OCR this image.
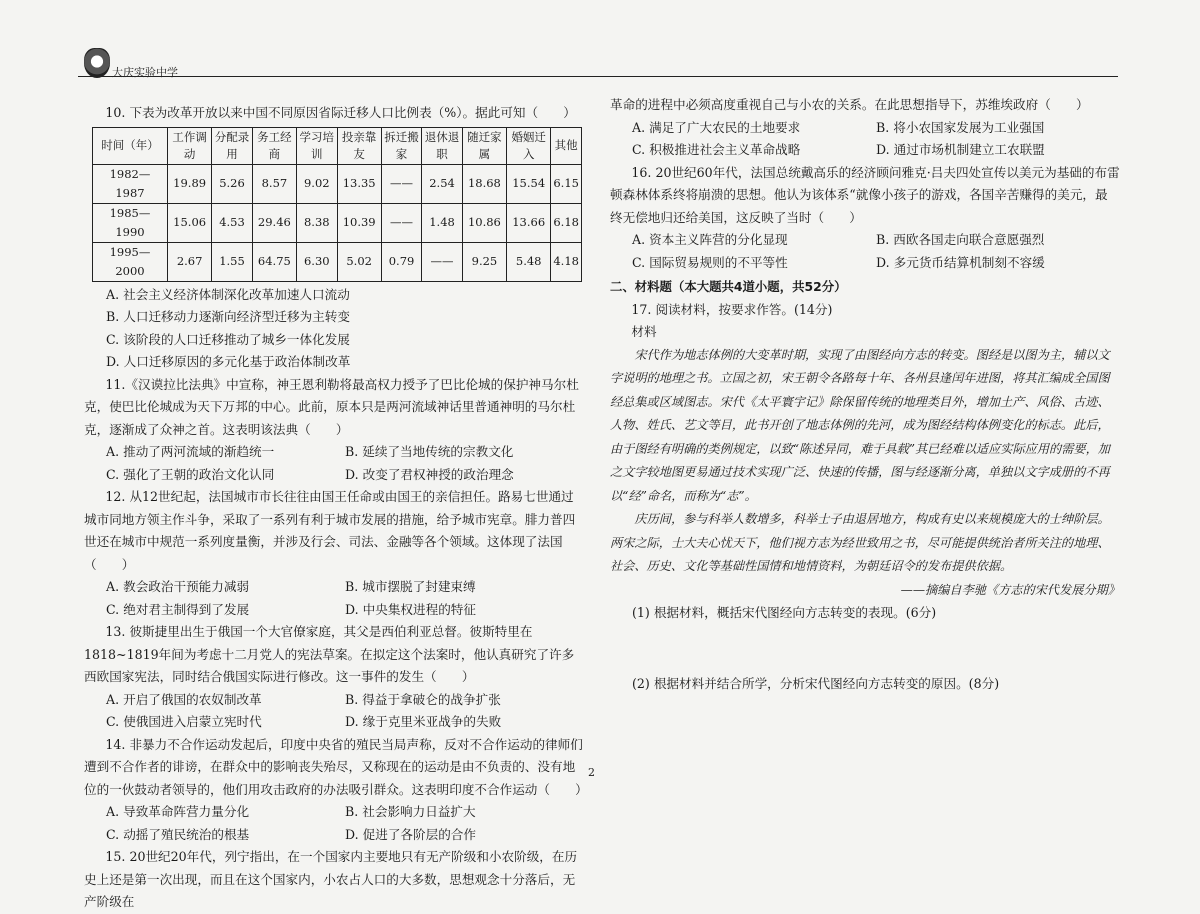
大庆实验中学

10. 下表为改革开放以来中国不同原因省际迁移人口比例表（%）。据此可知（　　）

时间（年）	工作调动	分配录用	务工经商	学习培训	投亲靠友	拆迁搬家	退休退职	随迁家属	婚姻迁入	其他
1982—1987	19.89	5.26	8.57	9.02	13.35	——	2.54	18.68	15.54	6.15
1985—1990	15.06	4.53	29.46	8.38	10.39	——	1.48	10.86	13.66	6.18
1995—2000	2.67	1.55	64.75	6.30	5.02	0.79	——	9.25	5.48	4.18
A. 社会主义经济体制深化改革加速人口流动
B. 人口迁移动力逐渐向经济型迁移为主转变
C. 该阶段的人口迁移推动了城乡一体化发展
D. 人口迁移原因的多元化基于政治体制改革

11.《汉谟拉比法典》中宣称，神王恩利勒将最高权力授予了巴比伦城的保护神马尔杜克，使巴比伦城成为天下万邦的中心。此前，原本只是两河流域神话里普通神明的马尔杜克，逐渐成了众神之首。这表明该法典（　　）

A. 推动了两河流域的渐趋统一	B. 延续了当地传统的宗教文化
C. 强化了王朝的政治文化认同	D. 改变了君权神授的政治理念

12. 从12世纪起，法国城市市长往往由国王任命或由国王的亲信担任。路易七世通过城市同地方领主作斗争，采取了一系列有利于城市发展的措施，给予城市宪章。腓力普四世还在城市中规范一系列度量衡，并涉及行会、司法、金融等各个领域。这体现了法国（　　）

A. 教会政治干预能力减弱	B. 城市摆脱了封建束缚
C. 绝对君主制得到了发展	D. 中央集权进程的特征

13. 彼斯捷里出生于俄国一个大官僚家庭，其父是西伯利亚总督。彼斯特里在1818~1819年间为考虑十二月党人的宪法草案。在拟定这个法案时，他认真研究了许多西欧国家宪法，同时结合俄国实际进行修改。这一事件的发生（　　）

A. 开启了俄国的农奴制改革	B. 得益于拿破仑的战争扩张
C. 使俄国进入启蒙立宪时代	D. 缘于克里米亚战争的失败

14. 非暴力不合作运动发起后，印度中央省的殖民当局声称，反对不合作运动的律师们遭到不合作者的诽谤，在群众中的影响丧失殆尽，又称现在的运动是由不负责的、没有地位的一伙鼓动者领导的，他们用攻击政府的办法吸引群众。这表明印度不合作运动（　　）

A. 导致革命阵营力量分化	B. 社会影响力日益扩大
C. 动摇了殖民统治的根基	D. 促进了各阶层的合作

15. 20世纪20年代，列宁指出，在一个国家内主要地只有无产阶级和小农阶级，在历史上还是第一次出现，而且在这个国家内，小农占人口的大多数，思想观念十分落后，无产阶级在

革命的进程中必须高度重视自己与小农的关系。在此思想指导下，苏维埃政府（　　）

A. 满足了广大农民的土地要求	B. 将小农国家发展为工业强国
C. 积极推进社会主义革命战略	D. 通过市场机制建立工农联盟

16. 20世纪60年代，法国总统戴高乐的经济顾问雅克·吕夫四处宣传以美元为基础的布雷顿森林体系终将崩溃的思想。他认为该体系“就像小孩子的游戏，各国辛苦赚得的美元，最终无偿地归还给美国，这反映了当时（　　）

A. 资本主义阵营的分化显现	B. 西欧各国走向联合意愿强烈
C. 国际贸易规则的不平等性	D. 多元货币结算机制刻不容缓
二、材料题（本大题共4道小题，共52分）

17. 阅读材料，按要求作答。(14分)

材料

宋代作为地志体例的大变革时期，实现了由图经向方志的转变。图经是以图为主，辅以文字说明的地理之书。立国之初，宋王朝令各路每十年、各州县逢闰年进图，将其汇编成全国图经总集或区域图志。宋代《太平寰宇记》除保留传统的地理类目外，增加土产、风俗、古迹、人物、姓氏、艺文等目，此书开创了地志体例的先河，成为图经结构体例变化的标志。此后，由于图经有明确的类例规定，以致“陈述异同，难于具载”其已经难以适应实际应用的需要，加之文字较地图更易通过技术实现广泛、快速的传播，图与经逐渐分离，单独以文字成册的不再以“经”命名，而称为“志”。

庆历间，参与科举人数增多，科举士子由退居地方，构成有史以来规模庞大的士绅阶层。两宋之际，士大夫心忧天下，他们视方志为经世致用之书，尽可能提供统治者所关注的地理、社会、历史、文化等基础性国情和地情资料，为朝廷诏令的发布提供依据。

——摘编自李驰《方志的宋代发展分期》

(1) 根据材料，概括宋代图经向方志转变的表现。(6分)

(2) 根据材料并结合所学，分析宋代图经向方志转变的原因。(8分)

2
